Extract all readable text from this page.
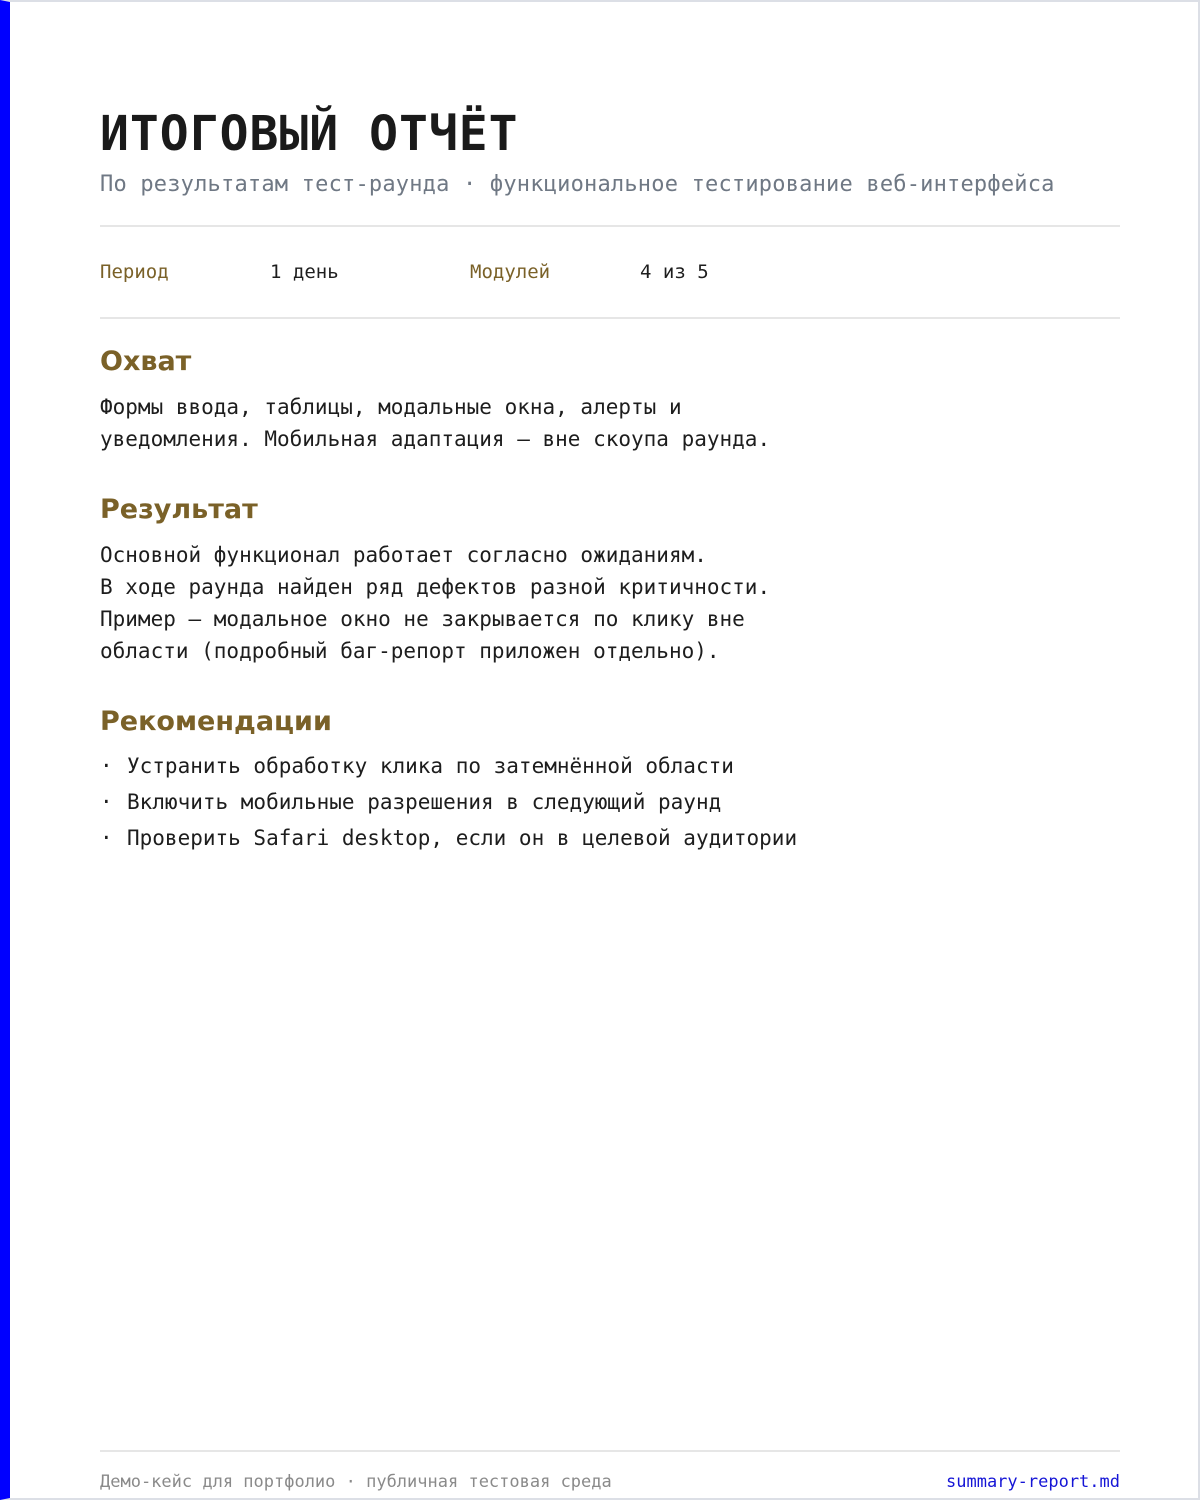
ИТОГОВЫЙ ОТЧЁТ
По результатам тест-раунда · функциональное тестирование веб-интерфейса
Период	1 день	Модулей	4 из 5
Охват
Формы ввода, таблицы, модальные окна, алерты и
уведомления. Мобильная адаптация — вне скоупа раунда.
Результат
Основной функционал работает согласно ожиданиям.
В ходе раунда найден ряд дефектов разной критичности.
Пример — модальное окно не закрывается по клику вне
области (подробный баг-репорт приложен отдельно).
Рекомендации
· Устранить обработку клика по затемнённой области
· Включить мобильные разрешения в следующий раунд
· Проверить Safari desktop, если он в целевой аудитории
Демо-кейс для портфолио · публичная тестовая среда	summary-report.md
